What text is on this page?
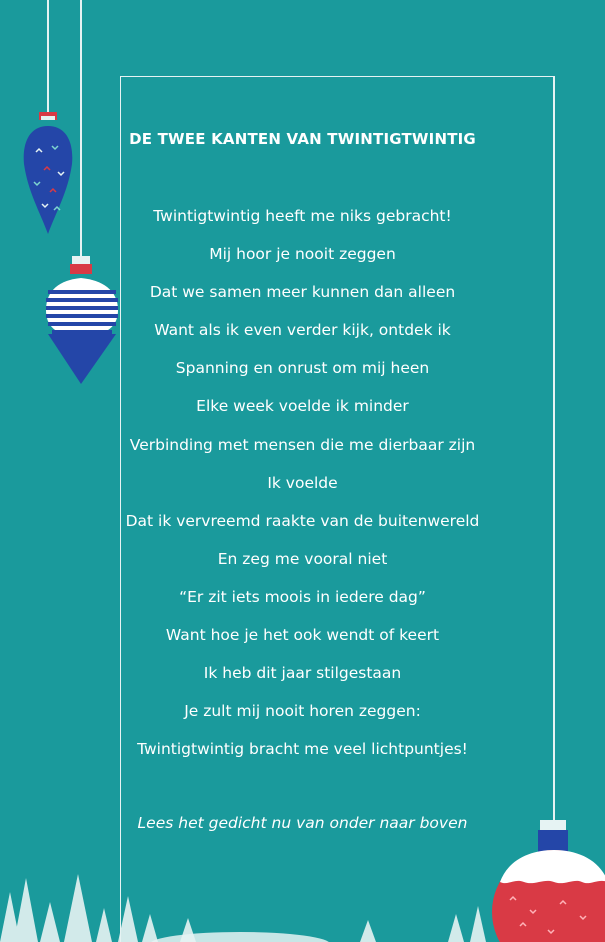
DE TWEE KANTEN VAN TWINTIGTWINTIG
Twintigtwintig heeft me niks gebracht!
Mij hoor je nooit zeggen
Dat we samen meer kunnen dan alleen
Want als ik even verder kijk, ontdek ik
Spanning en onrust om mij heen
Elke week voelde ik minder
Verbinding met mensen die me dierbaar zijn
Ik voelde
Dat ik vervreemd raakte van de buitenwereld
En zeg me vooral niet
“Er zit iets moois in iedere dag”
Want hoe je het ook wendt of keert
Ik heb dit jaar stilgestaan
Je zult mij nooit horen zeggen:
Twintigtwintig bracht me veel lichtpuntjes!
Lees het gedicht nu van onder naar boven
